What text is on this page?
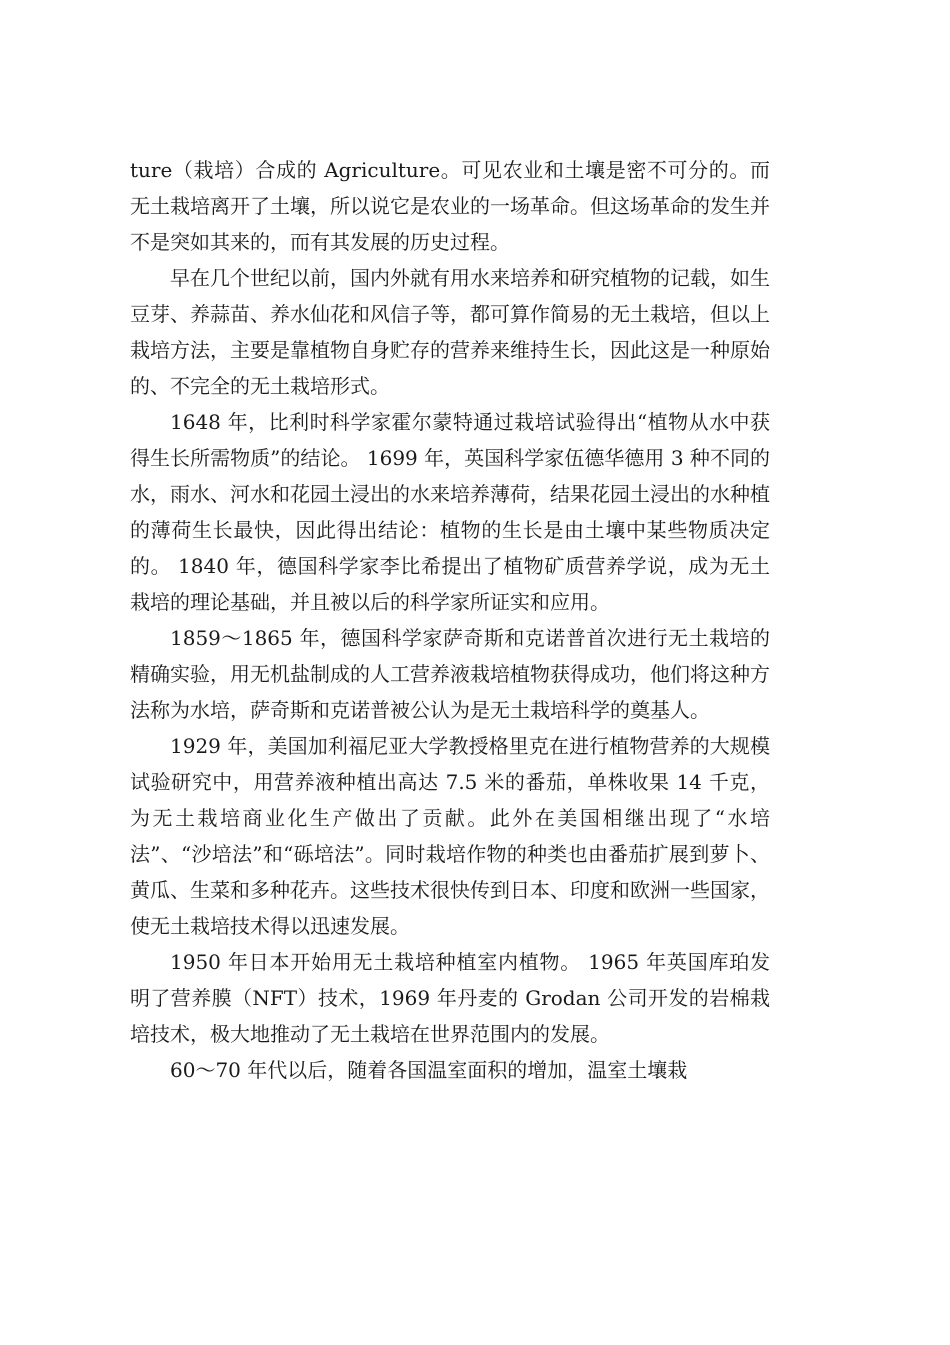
ture（栽培）合成的 Agriculture。可见农业和土壤是密不可分的。而无土栽培离开了土壤，所以说它是农业的一场革命。但这场革命的发生并不是突如其来的，而有其发展的历史过程。

早在几个世纪以前，国内外就有用水来培养和研究植物的记载，如生豆芽、养蒜苗、养水仙花和风信子等，都可算作简易的无土栽培，但以上栽培方法，主要是靠植物自身贮存的营养来维持生长，因此这是一种原始的、不完全的无土栽培形式。

1648 年，比利时科学家霍尔蒙特通过栽培试验得出“植物从水中获得生长所需物质”的结论。 1699 年，英国科学家伍德华德用 3 种不同的水，雨水、河水和花园土浸出的水来培养薄荷，结果花园土浸出的水种植的薄荷生长最快，因此得出结论：植物的生长是由土壤中某些物质决定的。 1840 年，德国科学家李比希提出了植物矿质营养学说，成为无土栽培的理论基础，并且被以后的科学家所证实和应用。

1859～1865 年，德国科学家萨奇斯和克诺普首次进行无土栽培的精确实验，用无机盐制成的人工营养液栽培植物获得成功，他们将这种方法称为水培，萨奇斯和克诺普被公认为是无土栽培科学的奠基人。

1929 年，美国加利福尼亚大学教授格里克在进行植物营养的大规模试验研究中，用营养液种植出高达 7.5 米的番茄，单株收果 14 千克，为无土栽培商业化生产做出了贡献。此外在美国相继出现了“水培法”、“沙培法”和“砾培法”。同时栽培作物的种类也由番茄扩展到萝卜、黄瓜、生菜和多种花卉。这些技术很快传到日本、印度和欧洲一些国家，使无土栽培技术得以迅速发展。

1950 年日本开始用无土栽培种植室内植物。 1965 年英国库珀发明了营养膜（NFT）技术，1969 年丹麦的 Grodan 公司开发的岩棉栽培技术，极大地推动了无土栽培在世界范围内的发展。

60～70 年代以后，随着各国温室面积的增加，温室土壤栽
